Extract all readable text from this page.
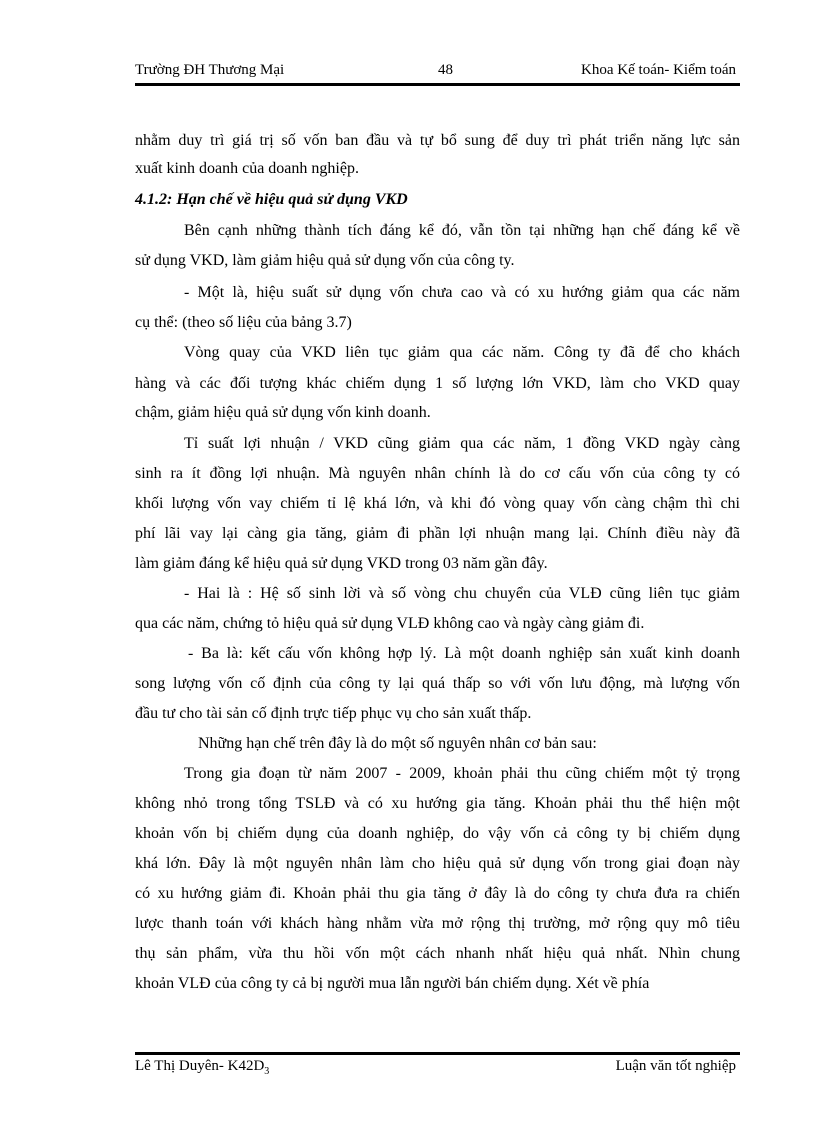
Trường ĐH Thương Mại	48	Khoa Kế toán- Kiểm toán
nhằm duy trì giá trị số vốn ban đầu và tự bổ sung để duy trì phát triển năng lực sản
xuất kinh doanh của doanh nghiệp.
4.1.2: Hạn chế về hiệu quả sử dụng VKD
Bên cạnh những thành tích đáng kể đó, vẫn tồn tại những hạn chế đáng kể về
sử dụng VKD, làm giảm hiệu quả sử dụng vốn của công ty.
- Một là, hiệu suất sử dụng vốn chưa cao và có xu hướng giảm qua các năm
cụ thể: (theo số liệu của bảng 3.7)
Vòng quay của VKD liên tục giảm qua các năm. Công ty đã để cho khách
hàng và các đối tượng khác chiếm dụng 1 số lượng lớn VKD, làm cho VKD quay
chậm, giảm hiệu quả sử dụng vốn kinh doanh.
Tỉ suất lợi nhuận / VKD cũng giảm qua các năm, 1 đồng VKD ngày càng
sinh ra ít đồng lợi nhuận. Mà nguyên nhân chính là do cơ cấu vốn của công ty có
khối lượng vốn vay chiếm tỉ lệ khá lớn, và khi đó vòng quay vốn càng chậm thì chi
phí lãi vay lại càng gia tăng, giảm đi phần lợi nhuận mang lại. Chính điều này đã
làm giảm đáng kể hiệu quả sử dụng VKD trong 03 năm gần đây.
- Hai là : Hệ số sinh lời và số vòng chu chuyển của VLĐ cũng liên tục giảm
qua các năm, chứng tỏ hiệu quả sử dụng VLĐ không cao và ngày càng giảm đi.
- Ba là: kết cấu vốn không hợp lý. Là một doanh nghiệp sản xuất kinh doanh
song lượng vốn cố định của công ty lại quá thấp so với vốn lưu động, mà lượng vốn
đầu tư cho tài sản cố định trực tiếp phục vụ cho sản xuất thấp.
Những hạn chế trên đây là do một số nguyên nhân cơ bản sau:
Trong gia đoạn từ năm 2007 - 2009, khoản phải thu cũng chiếm một tỷ trọng
không nhỏ trong tổng TSLĐ và có xu hướng gia tăng. Khoản phải thu thể hiện một
khoản vốn bị chiếm dụng của doanh nghiệp, do vậy vốn cả công ty bị chiếm dụng
khá lớn. Đây là một nguyên nhân làm cho hiệu quả sử dụng vốn trong giai đoạn này
có xu hướng giảm đi. Khoản phải thu gia tăng ở đây là do công ty chưa đưa ra chiến
lược thanh toán với khách hàng nhằm vừa mở rộng thị trường, mở rộng quy mô tiêu
thụ sản phẩm, vừa thu hồi vốn một cách nhanh nhất hiệu quả nhất. Nhìn chung
khoản VLĐ của công ty cả bị người mua lẫn người bán chiếm dụng. Xét về phía
Lê Thị Duyên- $K42D_3$	Luận văn tốt nghiệp
